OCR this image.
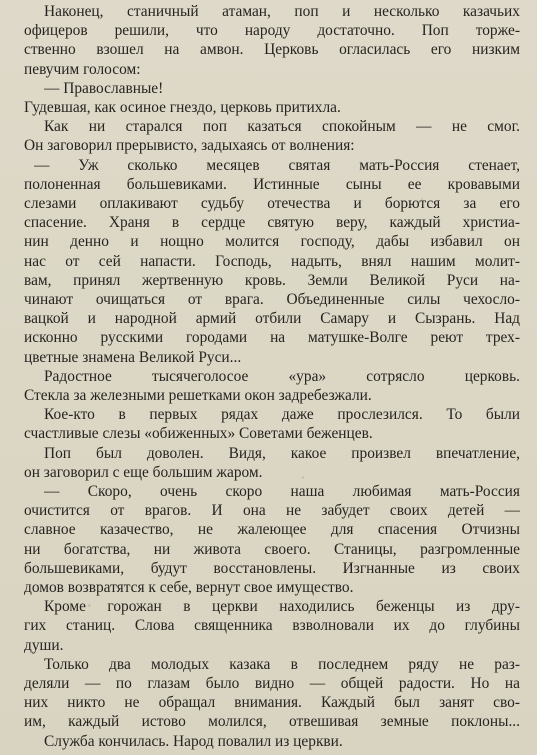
Наконец, станичный атаман, поп и несколько казачьих

офицеров решили, что народу достаточно. Поп торже-

ственно взошел на амвон. Церковь огласилась его низким

певучим голосом:

— Православные!

Гудевшая, как осиное гнездо, церковь притихла.

Как ни старался поп казаться спокойным — не смог.

Он заговорил прерывисто, задыхаясь от волнения:

— Уж сколько месяцев святая мать-Россия стенает,

полоненная большевиками. Истинные сыны ее кровавыми

слезами оплакивают судьбу отечества и борются за его

спасение. Храня в сердце святую веру, каждый христиа-

нин денно и нощно молится господу, дабы избавил он

нас от сей напасти. Господь, надыть, внял нашим молит-

вам, принял жертвенную кровь. Земли Великой Руси на-

чинают очищаться от врага. Объединенные силы чехосло-

вацкой и народной армий отбили Самару и Сызрань. Над

исконно русскими городами на матушке-Волге реют трех-

цветные знамена Великой Руси...

Радостное тысячеголосое «ура» сотрясло церковь.

Стекла за железными решетками окон задребезжали.

Кое-кто в первых рядах даже прослезился. То были

счастливые слезы «обиженных» Советами беженцев.

Поп был доволен. Видя, какое произвел впечатление,

он заговорил с еще большим жаром.

— Скоро, очень скоро наша любимая мать-Россия

очистится от врагов. И она не забудет своих детей —

славное казачество, не жалеющее для спасения Отчизны

ни богатства, ни живота своего. Станицы, разгромленные

большевиками, будут восстановлены. Изгнанные из своих

домов возвратятся к себе, вернут свое имущество.

Кроме горожан в церкви находились беженцы из дру-

гих станиц. Слова священника взволновали их до глубины

души.

Только два молодых казака в последнем ряду не раз-

деляли — по глазам было видно — общей радости. Но на

них никто не обращал внимания. Каждый был занят сво-

им, каждый истово молился, отвешивая земные поклоны...

Служба кончилась. Народ повалил из церкви.
